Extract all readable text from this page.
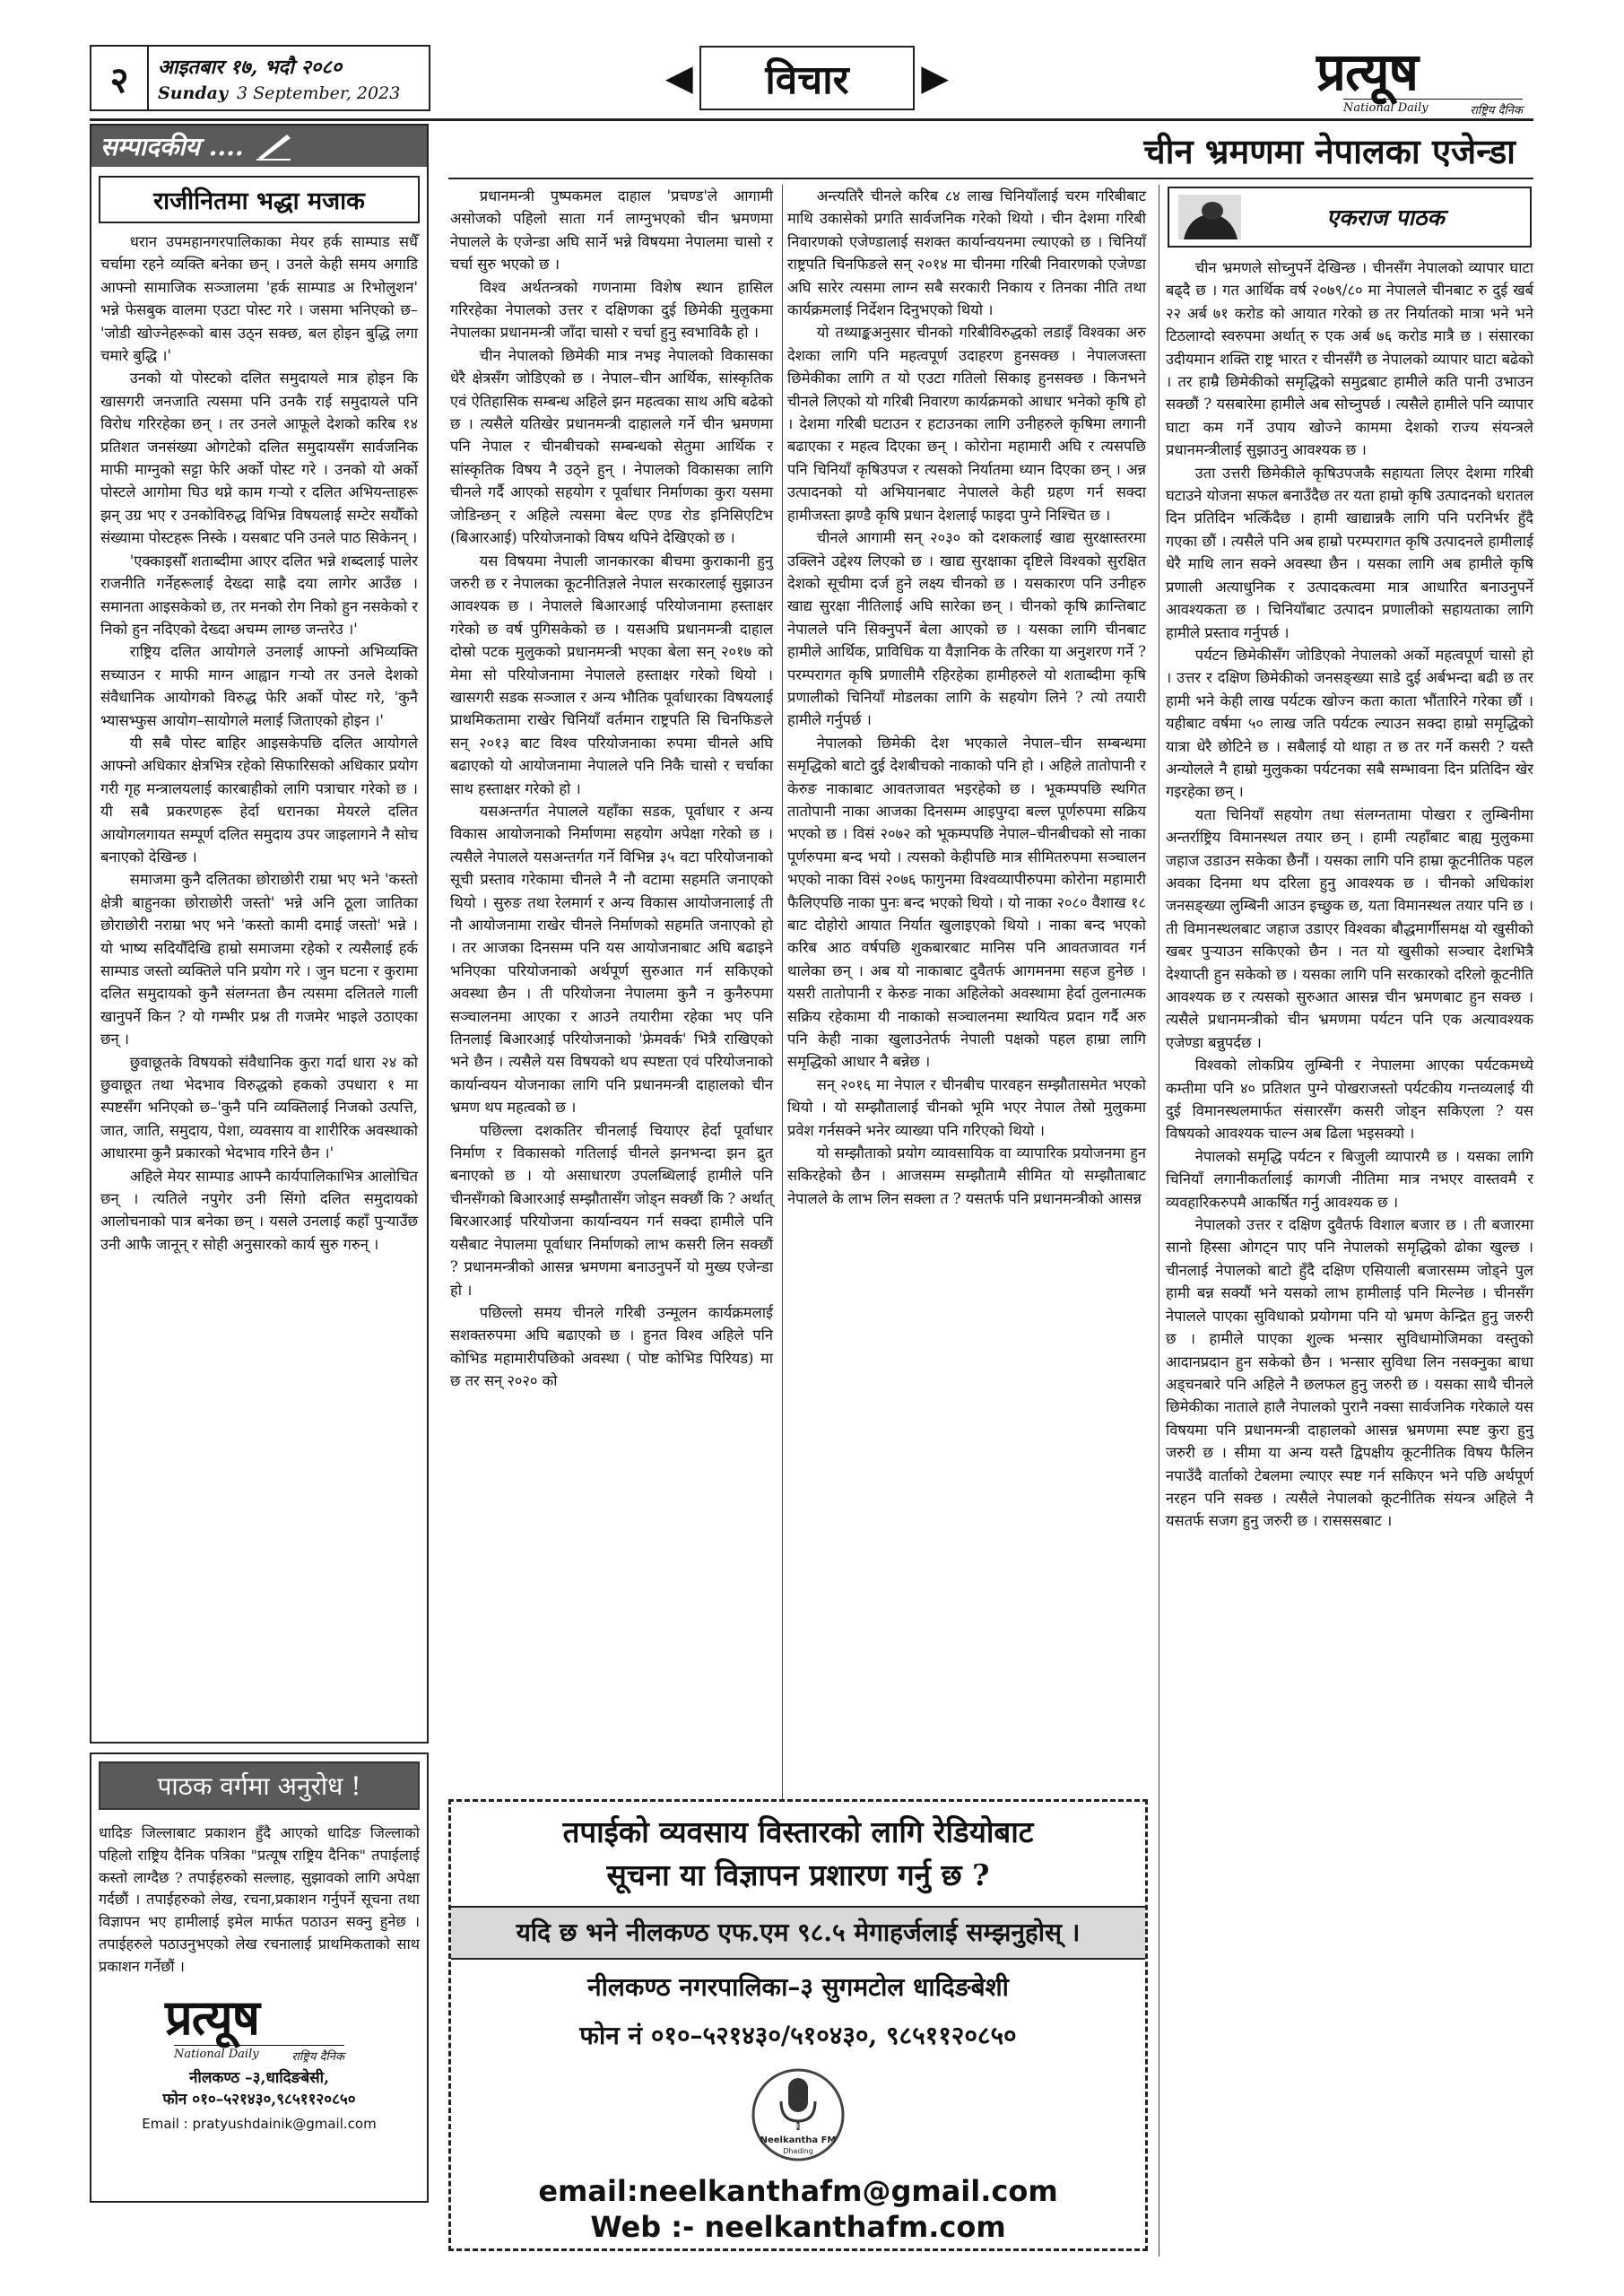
२	आइतबार १७, भदौ २०८०
Sunday 3 September, 2023	◀	विचार	▶	प्रत्यूष
National Daily	राष्ट्रिय दैनिक
सम्पादकीय ....
राजीनितमा भद्धा मजाक

धरान उपमहानगरपालिकाका मेयर हर्क साम्पाड सधैँ चर्चामा रहने व्यक्ति बनेका छन् । उनले केही समय अगाडि आफ्नो सामाजिक सञ्जालमा 'हर्क साम्पाड अ रिभोलुशन' भन्ने फेसबुक वालमा एउटा पोस्ट गरे । जसमा भनिएको छ– 'जोडी खोज्नेहरूको बास उठ्न सक्छ, बल होइन बुद्धि लगा चमारे बुद्धि ।'

उनको यो पोस्टको दलित समुदायले मात्र होइन कि खासगरी जनजाति त्यसमा पनि उनकै राई समुदायले पनि विरोध गरिरहेका छन् । तर उनले आफूले देशको करिब १४ प्रतिशत जनसंख्या ओगटेको दलित समुदायसँग सार्वजनिक माफी माग्नुको सट्टा फेरि अर्को पोस्ट गरे । उनको यो अर्को पोस्टले आगोमा घिउ थप्ने काम गऱ्यो र दलित अभियन्ताहरू झन् उग्र भए र उनकोविरुद्ध विभिन्न विषयलाई सम्टेर सयौँको संख्यामा पोस्टहरू निस्के । यसबाट पनि उनले पाठ सिकेनन् ।

'एक्काइसौँ शताब्दीमा आएर दलित भन्ने शब्दलाई पालेर राजनीति गर्नेहरूलाई देख्दा साह्रै दया लागेर आउँछ । समानता आइसकेको छ, तर मनको रोग निको हुन नसकेको र निको हुन नदिएको देख्दा अचम्म लाग्छ जन्तरेउ ।'

राष्ट्रिय दलित आयोगले उनलाई आफ्नो अभिव्यक्ति सच्याउन र माफी माग्न आह्वान गऱ्यो तर उनले देशको संवैधानिक आयोगको विरुद्ध फेरि अर्को पोस्ट गरे, 'कुनै भ्यासभ्फुस आयोग–सायोगले मलाई जिताएको होइन ।'

यी सबै पोस्ट बाहिर आइसकेपछि दलित आयोगले आफ्नो अधिकार क्षेत्रभित्र रहेको सिफारिसको अधिकार प्रयोग गरी गृह मन्त्रालयलाई कारबाहीको लागि पत्राचार गरेको छ । यी सबै प्रकरणहरू हेर्दा धरानका मेयरले दलित आयोगलगायत सम्पूर्ण दलित समुदाय उपर जाइलागने नै सोच बनाएको देखिन्छ ।

समाजमा कुनै दलितका छोराछोरी राम्रा भए भने 'कस्तो क्षेत्री बाहुनका छोराछोरी जस्तो' भन्ने अनि ठूला जातिका छोराछोरी नराम्रा भए भने 'कस्तो कामी दमाई जस्तो' भन्ने । यो भाष्य सदियौँदेखि हाम्रो समाजमा रहेको र त्यसैलाई हर्क साम्पाड जस्तो व्यक्तिले पनि प्रयोग गरे । जुन घटना र कुरामा दलित समुदायको कुनै संलग्नता छैन त्यसमा दलितले गाली खानुपर्ने किन ? यो गम्भीर प्रश्न ती गजमेर भाइले उठाएका छन् ।

छुवाछूतके विषयको संवैधानिक कुरा गर्दा धारा २४ को छुवाछूत तथा भेदभाव विरुद्धको हकको उपधारा १ मा स्पष्टसँग भनिएको छ–'कुनै पनि व्यक्तिलाई निजको उत्पत्ति, जात, जाति, समुदाय, पेशा, व्यवसाय वा शारीरिक अवस्थाको आधारमा कुनै प्रकारको भेदभाव गरिने छैन ।'

अहिले मेयर साम्पाड आफ्नै कार्यपालिकाभित्र आलोचित छन् । त्यतिले नपुगेर उनी सिंगो दलित समुदायको आलोचनाको पात्र बनेका छन् । यसले उनलाई कहाँ पुऱ्याउँछ उनी आफै जानून् र सोही अनुसारको कार्य सुरु गरुन् ।

पाठक वर्गमा अनुरोध !
धादिङ जिल्लाबाट प्रकाशन हुँदै आएको धादिङ जिल्लाको पहिलो राष्ट्रिय दैनिक पत्रिका "प्रत्यूष राष्ट्रिय दैनिक" तपाईलाई कस्तो लाग्दैछ ? तपाईहरुको सल्लाह, सुझावको लागि अपेक्षा गर्दछौं । तपाईहरुको लेख, रचना,प्रकाशन गर्नुपर्ने सूचना तथा विज्ञापन भए हामीलाई इमेल मार्फत पठाउन सक्नु हुनेछ । तपाईहरुले पठाउनुभएको लेख रचनालाई प्राथमिकताको साथ प्रकाशन गर्नेछौं ।
प्रत्यूष
National Daily	राष्ट्रिय दैनिक
नीलकण्ठ –३,धादिङबेसी,
फोन ०१०–५२१४३०,९८५११२०८५०
Email : pratyushdainik@gmail.com
चीन भ्रमणमा नेपालका एजेन्डा

प्रधानमन्त्री पुष्पकमल दाहाल 'प्रचण्ड'ले आगामी असोजको पहिलो साता गर्न लाग्नुभएको चीन भ्रमणमा नेपालले के एजेन्डा अघि सार्ने भन्ने विषयमा नेपालमा चासो र चर्चा सुरु भएको छ ।

विश्व अर्थतन्त्रको गणनामा विशेष स्थान हासिल गरिरहेका नेपालको उत्तर र दक्षिणका दुई छिमेकी मुलुकमा नेपालका प्रधानमन्त्री जाँदा चासो र चर्चा हुनु स्वभाविकै हो ।

चीन नेपालको छिमेकी मात्र नभइ नेपालको विकासका धेरै क्षेत्रसँग जोडिएको छ । नेपाल–चीन आर्थिक, सांस्कृतिक एवं ऐतिहासिक सम्बन्ध अहिले झन महत्वका साथ अघि बढेको छ । त्यसैले यतिखेर प्रधानमन्त्री दाहालले गर्ने चीन भ्रमणमा पनि नेपाल र चीनबीचको सम्बन्धको सेतुमा आर्थिक र सांस्कृतिक विषय नै उठ्ने हुन् । नेपालको विकासका लागि चीनले गर्दै आएको सहयोग र पूर्वाधार निर्माणका कुरा यसमा जोडिन्छन् र अहिले त्यसमा बेल्ट एण्ड रोड इनिसिएटिभ (बिआरआई) परियोजनाको विषय थपिने देखिएको छ ।

यस विषयमा नेपाली जानकारका बीचमा कुराकानी हुनु जरुरी छ र नेपालका कूटनीतिज्ञले नेपाल सरकारलाई सुझाउन आवश्यक छ । नेपालले बिआरआई परियोजनामा हस्ताक्षर गरेको छ वर्ष पुगिसकेको छ । यसअघि प्रधानमन्त्री दाहाल दोस्रो पटक मुलुकको प्रधानमन्त्री भएका बेला सन् २०१७ को मेमा सो परियोजनामा नेपालले हस्ताक्षर गरेको थियो । खासगरी सडक सञ्जाल र अन्य भौतिक पूर्वाधारका विषयलाई प्राथमिकतामा राखेर चिनियाँ वर्तमान राष्ट्रपति सि चिनफिङले सन् २०१३ बाट विश्व परियोजनाका रुपमा चीनले अघि बढाएको यो आयोजनामा नेपालले पनि निकै चासो र चर्चाका साथ हस्ताक्षर गरेको हो ।

यसअन्तर्गत नेपालले यहाँका सडक, पूर्वाधार र अन्य विकास आयोजनाको निर्माणमा सहयोग अपेक्षा गरेको छ । त्यसैले नेपालले यसअन्तर्गत गर्ने विभिन्न ३५ वटा परियोजनाको सूची प्रस्ताव गरेकामा चीनले नै नौ वटामा सहमति जनाएको थियो । सुरुङ तथा रेलमार्ग र अन्य विकास आयोजनालाई ती नौ आयोजनामा राखेर चीनले निर्माणको सहमति जनाएको हो । तर आजका दिनसम्म पनि यस आयोजनाबाट अघि बढाइने भनिएका परियोजनाको अर्थपूर्ण सुरुआत गर्न सकिएको अवस्था छैन । ती परियोजना नेपालमा कुनै न कुनैरुपमा सञ्चालनमा आएका र आउने तयारीमा रहेका भए पनि तिनलाई बिआरआई परियोजनाको 'फ्रेमवर्क' भित्रै राखिएको भने छैन । त्यसैले यस विषयको थप स्पष्टता एवं परियोजनाको कार्यान्वयन योजनाका लागि पनि प्रधानमन्त्री दाहालको चीन भ्रमण थप महत्वको छ ।

पछिल्ला दशकतिर चीनलाई चियाएर हेर्दा पूर्वाधार निर्माण र विकासको गतिलाई चीनले झनभन्दा झन द्रुत बनाएको छ । यो असाधारण उपलब्धिलाई हामीले पनि चीनसँगको बिआरआई सम्झौतासँग जोड्न सक्छौं कि ? अर्थात् बिरआरआई परियोजना कार्यान्वयन गर्न सक्दा हामीले पनि यसैबाट नेपालमा पूर्वाधार निर्माणको लाभ कसरी लिन सक्छौं ? प्रधानमन्त्रीको आसन्न भ्रमणमा बनाउनुपर्ने यो मुख्य एजेन्डा हो ।

पछिल्लो समय चीनले गरिबी उन्मूलन कार्यक्रमलाई सशक्तरुपमा अघि बढाएको छ । हुनत विश्व अहिले पनि कोभिड महामारीपछिको अवस्था ( पोष्ट कोभिड पिरियड) मा छ तर सन् २०२० को

अन्त्यतिरै चीनले करिब ८४ लाख चिनियाँलाई चरम गरिबीबाट माथि उकासेको प्रगति सार्वजनिक गरेको थियो । चीन देशमा गरिबी निवारणको एजेण्डालाई सशक्त कार्यान्वयनमा ल्याएको छ । चिनियाँ राष्ट्रपति चिनफिङले सन् २०१४ मा चीनमा गरिबी निवारणको एजेण्डा अघि सारेर त्यसमा लाग्न सबै सरकारी निकाय र तिनका नीति तथा कार्यक्रमलाई निर्देशन दिनुभएको थियो ।

यो तथ्याङ्कअनुसार चीनको गरिबीविरुद्धको लडाइँ विश्वका अरु देशका लागि पनि महत्वपूर्ण उदाहरण हुनसक्छ । नेपालजस्ता छिमेकीका लागि त यो एउटा गतिलो सिकाइ हुनसक्छ । किनभने चीनले लिएको यो गरिबी निवारण कार्यक्रमको आधार भनेको कृषि हो । देशमा गरिबी घटाउन र हटाउनका लागि उनीहरुले कृषिमा लगानी बढाएका र महत्व दिएका छन् । कोरोना महामारी अघि र त्यसपछि पनि चिनियाँ कृषिउपज र त्यसको निर्यातमा ध्यान दिएका छन् । अन्न उत्पादनको यो अभियानबाट नेपालले केही ग्रहण गर्न सक्दा हामीजस्ता झण्डै कृषि प्रधान देशलाई फाइदा पुग्ने निश्चित छ ।

चीनले आगामी सन् २०३० को दशकलाई खाद्य सुरक्षास्तरमा उक्लिने उद्देश्य लिएको छ । खाद्य सुरक्षाका दृष्टिले विश्वको सुरक्षित देशको सूचीमा दर्ज हुने लक्ष्य चीनको छ । यसकारण पनि उनीहरु खाद्य सुरक्षा नीतिलाई अघि सारेका छन् । चीनको कृषि क्रान्तिबाट नेपालले पनि सिक्नुपर्ने बेला आएको छ । यसका लागि चीनबाट हामीले आर्थिक, प्राविधिक या वैज्ञानिक के तरिका या अनुशरण गर्ने ? परम्परागत कृषि प्रणालीमै रहिरहेका हामीहरुले यो शताब्दीमा कृषि प्रणालीको चिनियाँ मोडलका लागि के सहयोग लिने ? त्यो तयारी हामीले गर्नुपर्छ ।

नेपालको छिमेकी देश भएकाले नेपाल–चीन सम्बन्धमा समृद्धिको बाटो दुई देशबीचको नाकाको पनि हो । अहिले तातोपानी र केरुङ नाकाबाट आवतजावत भइरहेको छ । भूकम्पपछि स्थगित तातोपानी नाका आजका दिनसम्म आइपुग्दा बल्ल पूर्णरुपमा सक्रिय भएको छ । विसं २०७२ को भूकम्पपछि नेपाल–चीनबीचको सो नाका पूर्णरुपमा बन्द भयो । त्यसको केहीपछि मात्र सीमितरुपमा सञ्चालन भएको नाका विसं २०७६ फागुनमा विश्वव्यापीरुपमा कोरोना महामारी फैलिएपछि नाका पुनः बन्द भएको थियो । यो नाका २०८० वैशाख १८ बाट दोहोरो आयात निर्यात खुलाइएको थियो । नाका बन्द भएको करिब आठ वर्षपछि शुकबारबाट मानिस पनि आवतजावत गर्न थालेका छन् । अब यो नाकाबाट दुवैतर्फ आगमनमा सहज हुनेछ । यसरी तातोपानी र केरुङ नाका अहिलेको अवस्थामा हेर्दा तुलनात्मक सक्रिय रहेकामा यी नाकाको सञ्चालनमा स्थायित्व प्रदान गर्दै अरु पनि केही नाका खुलाउनेतर्फ नेपाली पक्षको पहल हाम्रा लागि समृद्धिको आधार नै बन्नेछ ।

सन् २०१६ मा नेपाल र चीनबीच पारवहन सम्झौतासमेत भएको थियो । यो सम्झौतालाई चीनको भूमि भएर नेपाल तेस्रो मुलुकमा प्रवेश गर्नसक्ने भनेर व्याख्या पनि गरिएको थियो ।

यो सम्झौताको प्रयोग व्यावसायिक वा व्यापारिक प्रयोजनमा हुन सकिरहेको छैन । आजसम्म सम्झौतामै सीमित यो सम्झौताबाट नेपालले के लाभ लिन सक्ला त ? यसतर्फ पनि प्रधानमन्त्रीको आसन्न

एकराज पाठक

चीन भ्रमणले सोच्नुपर्ने देखिन्छ । चीनसँग नेपालको व्यापार घाटा बढ्दै छ । गत आर्थिक वर्ष २०७९/८० मा नेपालले चीनबाट रु दुई खर्ब २२ अर्ब ७१ करोड को आयात गरेको छ तर निर्यातको मात्रा भने भने टिठलाग्दो स्वरुपमा अर्थात् रु एक अर्ब ७६ करोड मात्रै छ । संसारका उदीयमान शक्ति राष्ट्र भारत र चीनसँगै छ नेपालको व्यापार घाटा बढेको । तर हाम्रै छिमेकीको समृद्धिको समुद्रबाट हामीले कति पानी उभाउन सक्छौं ? यसबारेमा हामीले अब सोच्नुपर्छ । त्यसैले हामीले पनि व्यापार घाटा कम गर्ने उपाय खोज्ने काममा देशको राज्य संयन्त्रले प्रधानमन्त्रीलाई सुझाउनु आवश्यक छ ।

उता उत्तरी छिमेकीले कृषिउपजकै सहायता लिएर देशमा गरिबी घटाउने योजना सफल बनाउँदैछ तर यता हाम्रो कृषि उत्पादनको धरातल दिन प्रतिदिन भत्किँदैछ । हामी खाद्यान्नकै लागि पनि परनिर्भर हुँदै गएका छौं । त्यसैले पनि अब हाम्रो परम्परागत कृषि उत्पादनले हामीलाई धेरै माथि लान सक्ने अवस्था छैन । यसका लागि अब हामीले कृषि प्रणाली अत्याधुनिक र उत्पादकत्वमा मात्र आधारित बनाउनुपर्ने आवश्यकता छ । चिनियाँबाट उत्पादन प्रणालीको सहायताका लागि हामीले प्रस्ताव गर्नुपर्छ ।

पर्यटन छिमेकीसँग जोडिएको नेपालको अर्को महत्वपूर्ण चासो हो । उत्तर र दक्षिण छिमेकीको जनसङ्ख्या साडे दुई अर्बभन्दा बढी छ तर हामी भने केही लाख पर्यटक खोज्न कता काता भौंतारिने गरेका छौं । यहीबाट वर्षमा ५० लाख जति पर्यटक ल्याउन सक्दा हाम्रो समृद्धिको यात्रा धेरै छोटिने छ । सबैलाई यो थाहा त छ तर गर्ने कसरी ? यस्तै अन्योलले नै हाम्रो मुलुकका पर्यटनका सबै सम्भावना दिन प्रतिदिन खेर गइरहेका छन् ।

यता चिनियाँ सहयोग तथा संलग्नतामा पोखरा र लुम्बिनीमा अन्तर्राष्ट्रिय विमानस्थल तयार छन् । हामी त्यहाँबाट बाह्य मुलुकमा जहाज उडाउन सकेका छैनौं । यसका लागि पनि हाम्रा कूटनीतिक पहल अवका दिनमा थप दरिला हुनु आवश्यक छ । चीनको अधिकांश जनसङ्ख्या लुम्बिनी आउन इच्छुक छ, यता विमानस्थल तयार पनि छ । ती विमानस्थलबाट जहाज उडाएर विश्वका बौद्धमार्गीसमक्ष यो खुसीको खबर पुऱ्याउन सकिएको छैन । नत यो खुसीको सञ्चार देशभित्रै देश्याप्ती हुन सकेको छ । यसका लागि पनि सरकारको दरिलो कूटनीति आवश्यक छ र त्यसको सुरुआत आसन्न चीन भ्रमणबाट हुन सक्छ । त्यसैले प्रधानमन्त्रीको चीन भ्रमणमा पर्यटन पनि एक अत्यावश्यक एजेण्डा बन्नुपर्दछ ।

विश्वको लोकप्रिय लुम्बिनी र नेपालमा आएका पर्यटकमध्ये कम्तीमा पनि ४० प्रतिशत पुग्ने पोखराजस्तो पर्यटकीय गन्तव्यलाई यी दुई विमानस्थलमार्फत संसारसँग कसरी जोड्न सकिएला ? यस विषयको आवश्यक चाल्न अब ढिला भइसक्यो ।

नेपालको समृद्धि पर्यटन र बिजुली व्यापारमै छ । यसका लागि चिनियाँ लगानीकर्तालाई कागजी नीतिमा मात्र नभएर वास्तवमै र व्यवहारिकरुपमै आकर्षित गर्नु आवश्यक छ ।

नेपालको उत्तर र दक्षिण दुवैतर्फ विशाल बजार छ । ती बजारमा सानो हिस्सा ओगट्न पाए पनि नेपालको समृद्धिको ढोका खुल्छ । चीनलाई नेपालको बाटो हुँदै दक्षिण एसियाली बजारसम्म जोड्ने पुल हामी बन्न सक्यौं भने यसको लाभ हामीलाई पनि मिल्नेछ । चीनसँग नेपालले पाएका सुविधाको प्रयोगमा पनि यो भ्रमण केन्द्रित हुनु जरुरी छ । हामीले पाएका शुल्क भन्सार सुविधामोजिमका वस्तुको आदानप्रदान हुन सकेको छैन । भन्सार सुविधा लिन नसक्नुका बाधा अड्चनबारे पनि अहिले नै छलफल हुनु जरुरी छ । यसका साथै चीनले छिमेकीका नाताले हालै नेपालको पुरानै नक्सा सार्वजनिक गरेकाले यस विषयमा पनि प्रधानमन्त्री दाहालको आसन्न भ्रमणमा स्पष्ट कुरा हुनु जरुरी छ । सीमा या अन्य यस्तै द्विपक्षीय कूटनीतिक विषय फैलिन नपाउँदै वार्ताको टेबलमा ल्याएर स्पष्ट गर्न सकिएन भने पछि अर्थपूर्ण नरहन पनि सक्छ । त्यसैले नेपालको कूटनीतिक संयन्त्र अहिले नै यसतर्फ सजग हुनु जरुरी छ । रासससबाट ।

तपाईको व्यवसाय विस्तारको लागि रेडियोबाट
सूचना या विज्ञापन प्रशारण गर्नु छ ?
यदि छ भने नीलकण्ठ एफ.एम ९८.५ मेगाहर्जलाई सम्झनुहोस् ।
नीलकण्ठ नगरपालिका–३ सुगमटोल धादिङबेशी
फोन नं ०१०–५२१४३०/५१०४३०, ९८५११२०८५०
Neelkantha FM
Dhading
98.5
email:neelkanthafm@gmail.com
Web :- neelkanthafm.com
